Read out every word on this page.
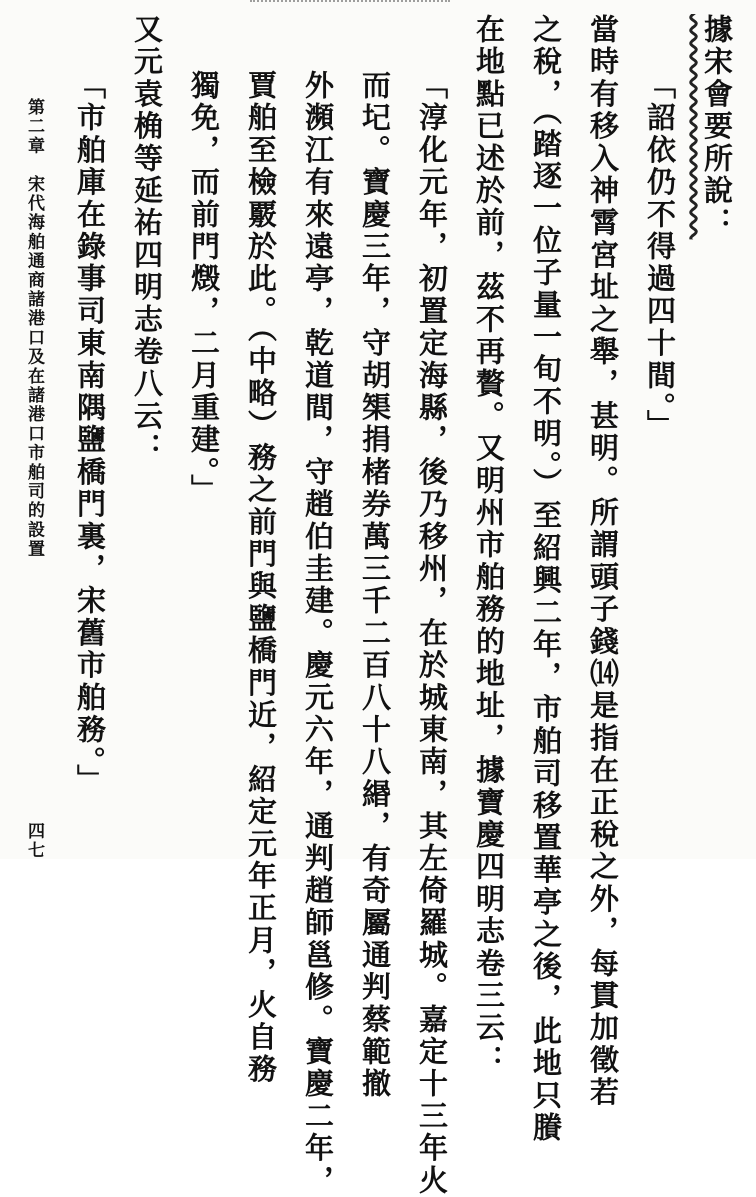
據宋會要所說：
「詔依仍不得過四十間。」
當時有移入神霄宮址之舉，甚明。所謂頭子錢⒁是指在正稅之外，每貫加徵若
之稅，（踏逐一位子量一旬不明。）至紹興二年，市舶司移置華亭之後，此地只賸
在地點已述於前，茲不再贅。又明州市舶務的地址，據寶慶四明志卷三云：
「淳化元年，初置定海縣，後乃移州，在於城東南，其左倚羅城。嘉定十三年火
而圮。寶慶三年，守胡榘捐楮券萬三千二百八十八緡，有奇屬通判蔡範撤
外瀕江有來遠亭，乾道間，守趙伯圭建。慶元六年，通判趙師邕修。寶慶二年，
賈舶至檢覈於此。（中略）務之前門與鹽橋門近，紹定元年正月，火自務
獨免，而前門燬，二月重建。」
又元袁桷等延祐四明志卷八云：
「市舶庫在錄事司東南隅鹽橋門裏，宋舊市舶務。」
第二章　宋代海舶通商諸港口及在諸港口市舶司的設置
四七
